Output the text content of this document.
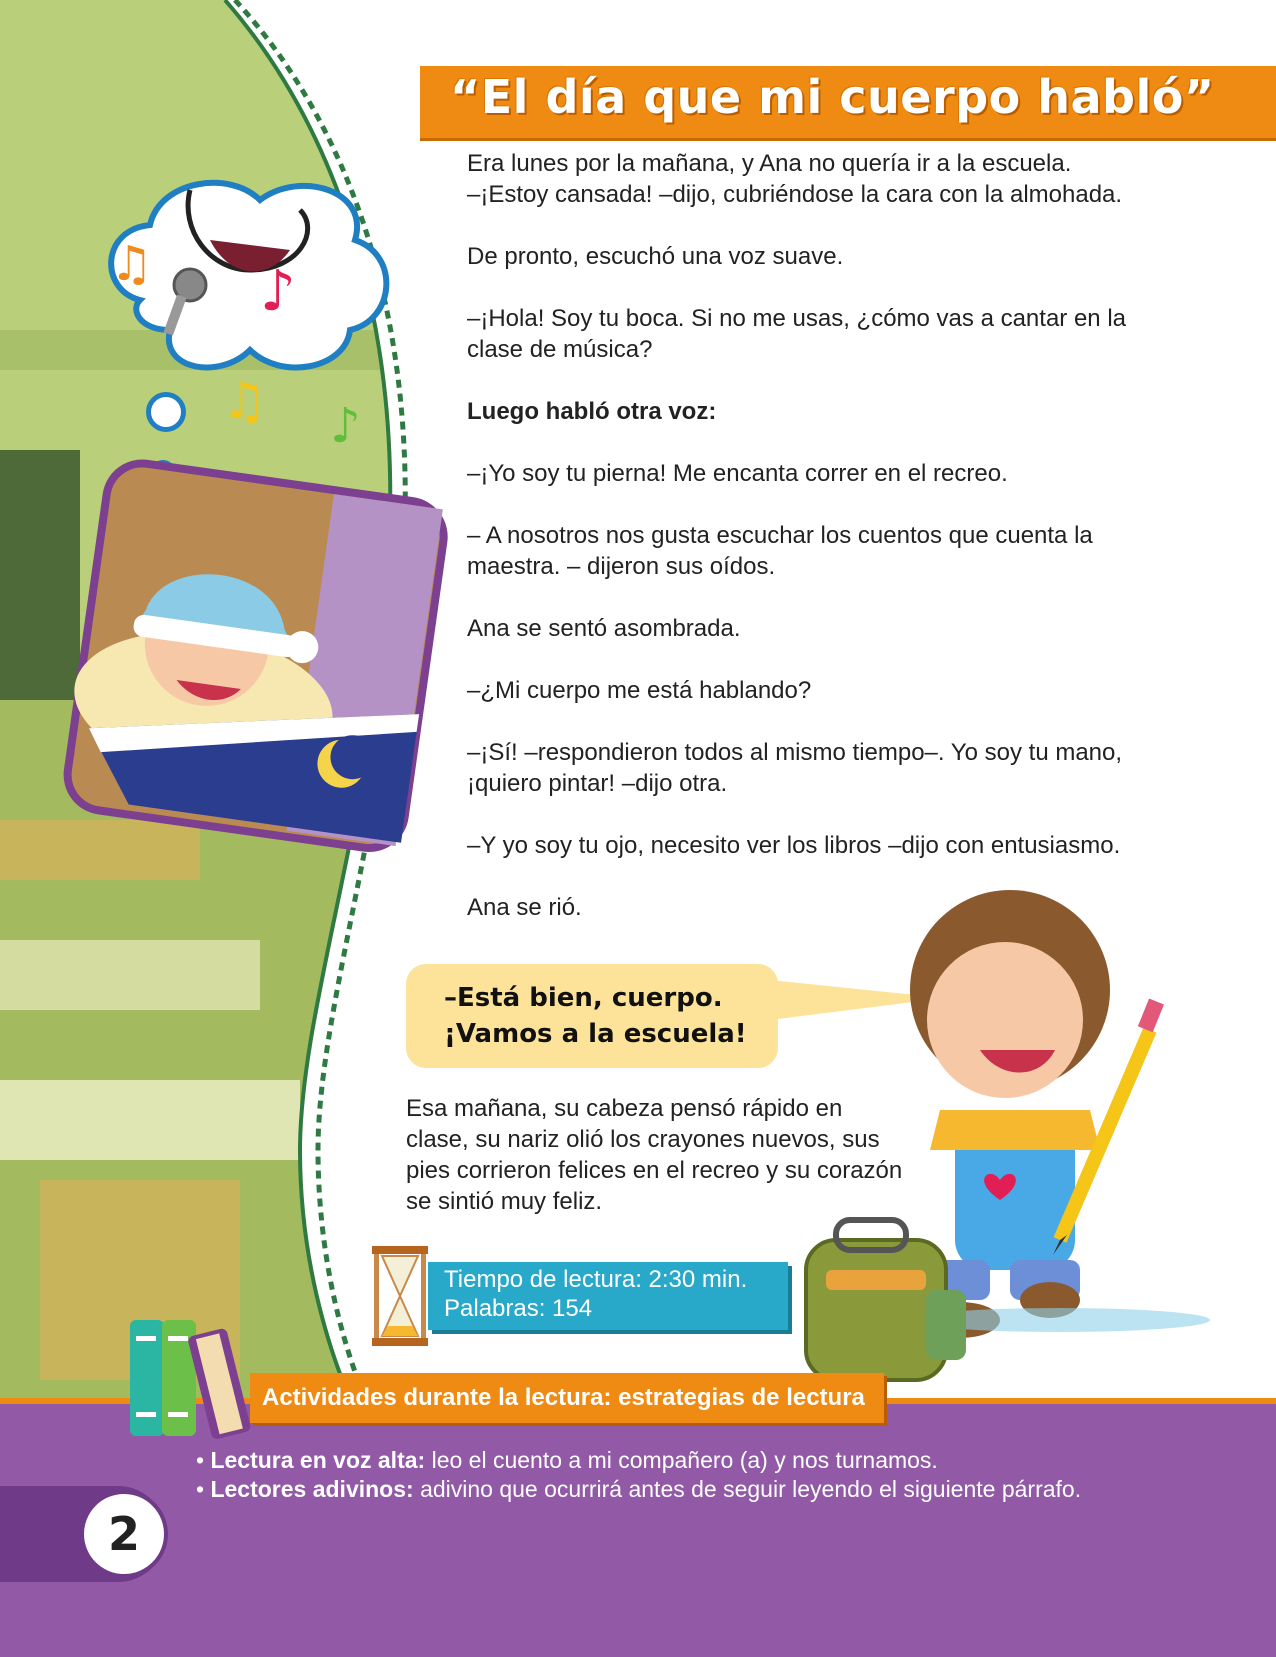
♫ ♪
♫ ♪
“El día que mi cuerpo habló”

Era lunes por la mañana, y Ana no quería ir a la escuela.
–¡Estoy cansada! –dijo, cubriéndose la cara con la almohada.

De pronto, escuchó una voz suave.

–¡Hola! Soy tu boca. Si no me usas, ¿cómo vas a cantar en la clase de música?

Luego habló otra voz:

–¡Yo soy tu pierna! Me encanta correr en el recreo.

– A nosotros nos gusta escuchar los cuentos que cuenta la maestra. – dijeron sus oídos.

Ana se sentó asombrada.

–¿Mi cuerpo me está hablando?

–¡Sí! –respondieron todos al mismo tiempo–. Yo soy tu mano, ¡quiero pintar! –dijo otra.

–Y yo soy tu ojo, necesito ver los libros –dijo con entusiasmo.

Ana se rió.

–Está bien, cuerpo.
¡Vamos a la escuela!
Esa mañana, su cabeza pensó rápido en clase, su nariz olió los crayones nuevos, sus pies corrieron felices en el recreo y su corazón se sintió muy feliz.
Tiempo de lectura: 2:30 min.
Palabras: 154
Actividades durante la lectura: estrategias de lectura
• Lectura en voz alta: leo el cuento a mi compañero (a) y nos turnamos.
• Lectores adivinos: adivino que ocurrirá antes de seguir leyendo el siguiente párrafo.
2
